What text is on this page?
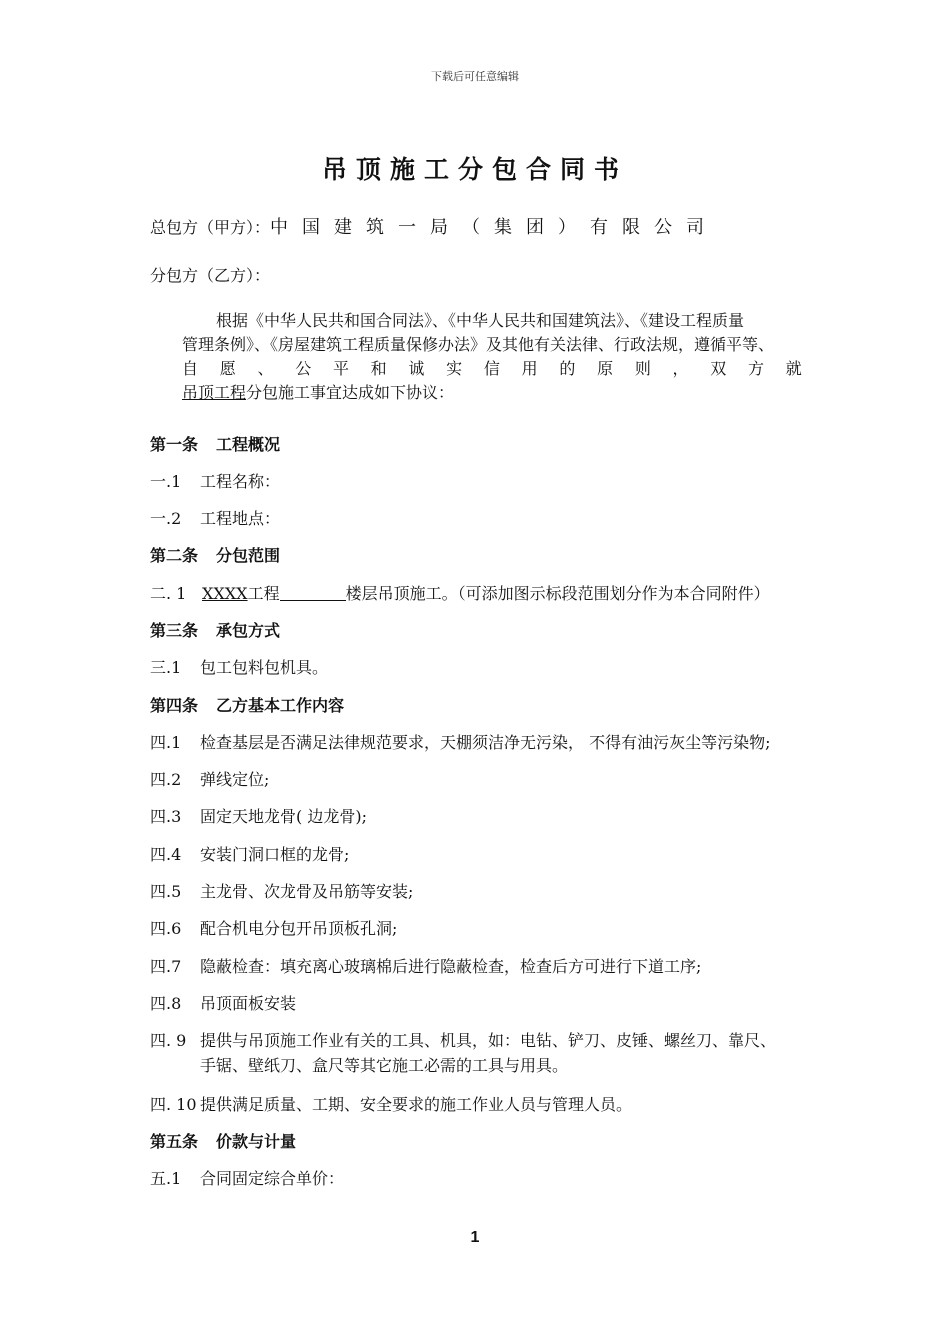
下载后可任意编辑
吊顶施工分包合同书
总包方（甲方）：中国建筑一局（集团）有限公司
分包方（乙方）：
根据《中华人民共和国合同法》、《中华人民共和国建筑法》、《建设工程质量
管理条例》、《房屋建筑工程质量保修办法》及其他有关法律、行政法规，遵循平等、
自 愿 、 公 平 和 诚 实 信 用 的 原 则 ， 双 方 就
吊顶工程分包施工事宜达成如下协议：
第一条 工程概况
一.1 工程名称：
一.2 工程地点：
第二条 分包范围
二. 1 XXXX工程	楼层吊顶施工。（可添加图示标段范围划分作为本合同附件）
第三条 承包方式
三.1 包工包料包机具。
第四条 乙方基本工作内容
四.1 检查基层是否满足法律规范要求，天棚须洁净无污染， 不得有油污灰尘等污染物;
四.2 弹线定位;
四.3 固定天地龙骨( 边龙骨);
四.4 安装门洞口框的龙骨;
四.5 主龙骨、次龙骨及吊筋等安装;
四.6 配合机电分包开吊顶板孔洞;
四.7 隐蔽检查：填充离心玻璃棉后进行隐蔽检查，检查后方可进行下道工序;
四.8 吊顶面板安装
四. 9 提供与吊顶施工作业有关的工具、机具，如：电钻、铲刀、皮锤、螺丝刀、靠尺、
手锯、壁纸刀、盒尺等其它施工必需的工具与用具。
四. 10 提供满足质量、工期、安全要求的施工作业人员与管理人员。
第五条 价款与计量
五.1 合同固定综合单价：
1
